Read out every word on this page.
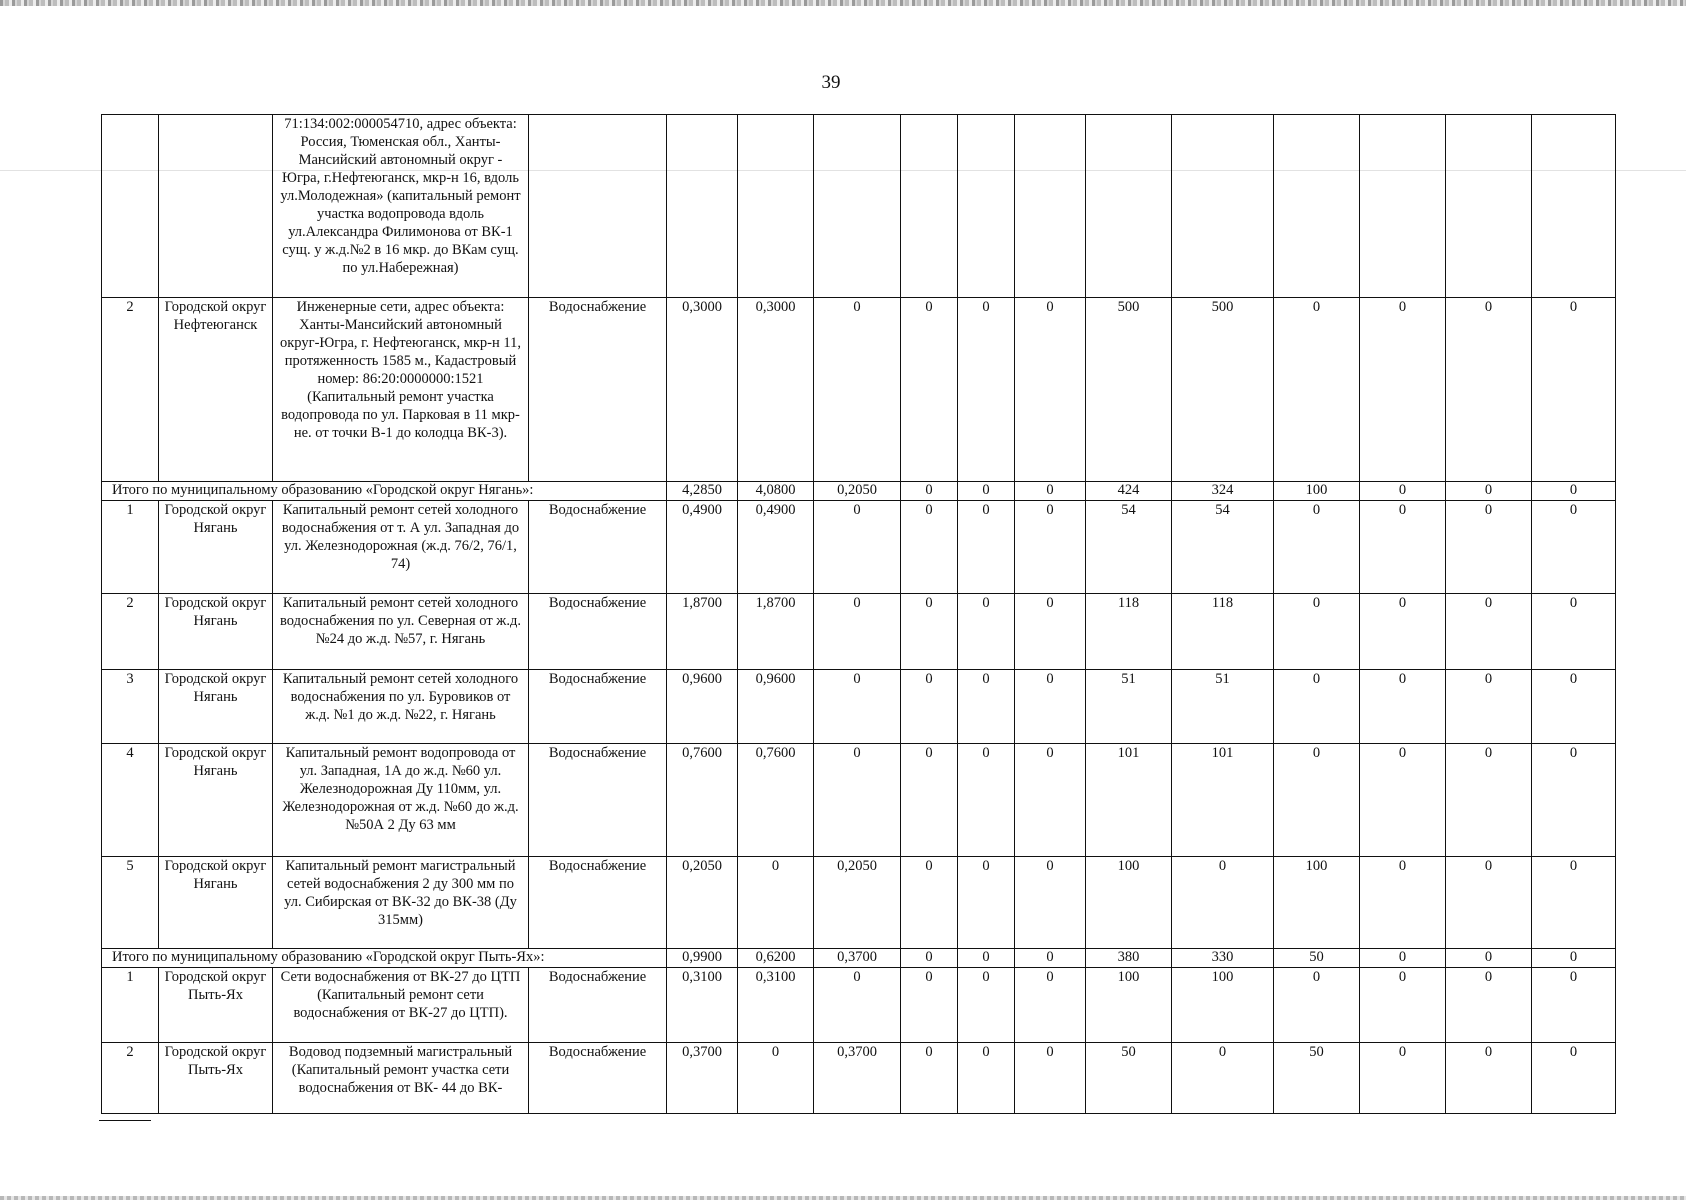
39
		71:134:002:000054710, адрес объекта: Россия, Тюменская обл., Ханты-Мансийский автономный округ - Югра, г.Нефтеюганск, мкр-н 16, вдоль ул.Молодежная» (капитальный ремонт участка водопровода вдоль ул.Александра Филимонова от ВК-1 сущ. у ж.д.№2 в 16 мкр. до ВКам сущ. по ул.Набережная)													
2	Городской округ Нефтеюганск	Инженерные сети, адрес объекта: Ханты-Мансийский автономный округ-Югра, г. Нефтеюганск, мкр-н 11, протяженность 1585 м., Кадастровый номер: 86:20:0000000:1521 (Капитальный ремонт участка водопровода по ул. Парковая в 11 мкр-не. от точки В-1 до колодца ВК-3).	Водоснабжение	0,3000	0,3000	0	0	0	0	500	500	0	0	0	0
Итого по муниципальному образованию «Городской округ Нягань»:				4,2850	4,0800	0,2050	0	0	0	424	324	100	0	0	0
1	Городской округ Нягань	Капитальный ремонт сетей холодного водоснабжения от т. А ул. Западная до ул. Железнодорожная (ж.д. 76/2, 76/1, 74)	Водоснабжение	0,4900	0,4900	0	0	0	0	54	54	0	0	0	0
2	Городской округ Нягань	Капитальный ремонт сетей холодного водоснабжения по ул. Северная от ж.д. №24 до ж.д. №57, г. Нягань	Водоснабжение	1,8700	1,8700	0	0	0	0	118	118	0	0	0	0
3	Городской округ Нягань	Капитальный ремонт сетей холодного водоснабжения по ул. Буровиков от ж.д. №1 до ж.д. №22, г. Нягань	Водоснабжение	0,9600	0,9600	0	0	0	0	51	51	0	0	0	0
4	Городской округ Нягань	Капитальный ремонт водопровода от ул. Западная, 1А до ж.д. №60 ул. Железнодорожная Ду 110мм, ул. Железнодорожная от ж.д. №60 до ж.д. №50А 2 Ду 63 мм	Водоснабжение	0,7600	0,7600	0	0	0	0	101	101	0	0	0	0
5	Городской округ Нягань	Капитальный ремонт магистральный сетей водоснабжения 2 ду 300 мм по ул. Сибирская от ВК-32 до ВК-38 (Ду 315мм)	Водоснабжение	0,2050	0	0,2050	0	0	0	100	0	100	0	0	0
Итого по муниципальному образованию «Городской округ Пыть-Ях»:				0,9900	0,6200	0,3700	0	0	0	380	330	50	0	0	0
1	Городской округ Пыть-Ях	Сети водоснабжения от ВК-27 до ЦТП (Капитальный ремонт сети водоснабжения от ВК-27 до ЦТП).	Водоснабжение	0,3100	0,3100	0	0	0	0	100	100	0	0	0	0
2	Городской округ Пыть-Ях	Водовод подземный магистральный (Капитальный ремонт участка сети водоснабжения от ВК- 44 до ВК-	Водоснабжение	0,3700	0	0,3700	0	0	0	50	0	50	0	0	0
